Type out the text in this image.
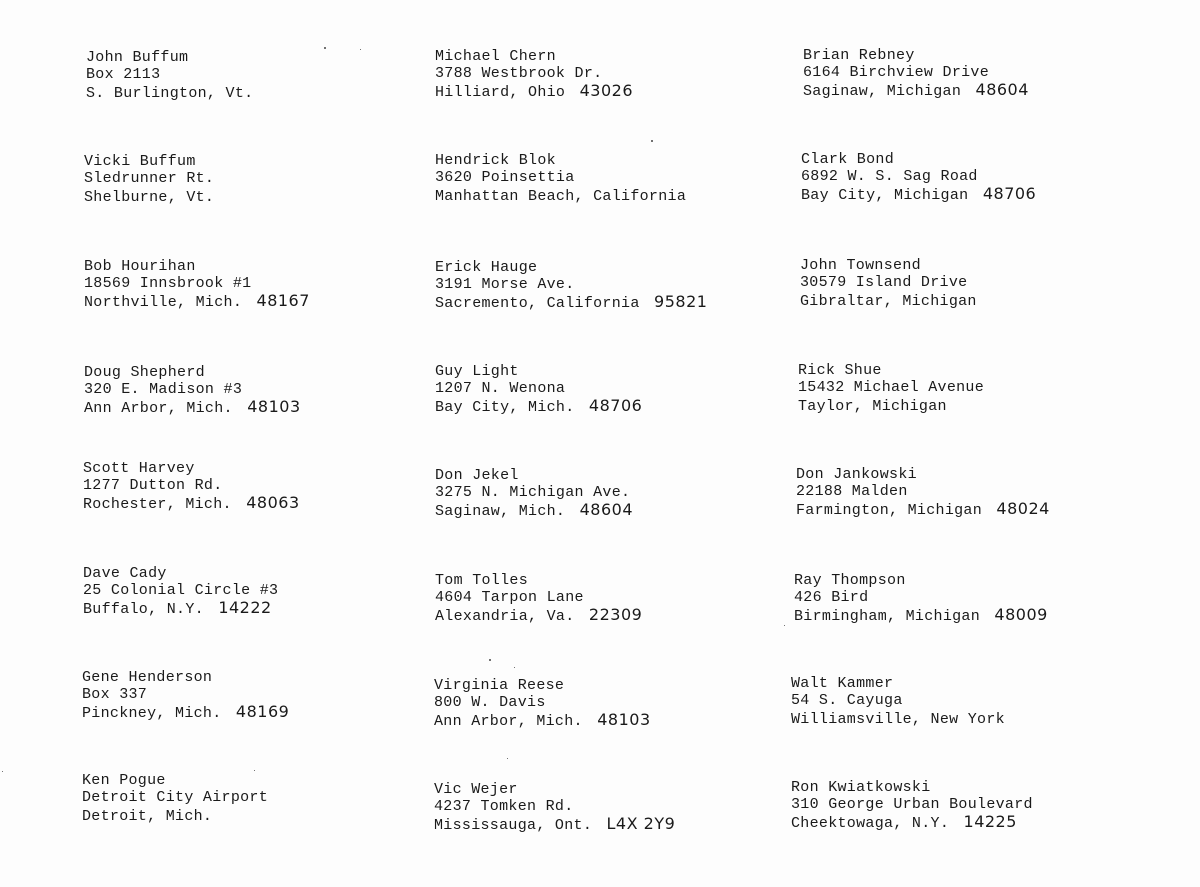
John Buffum
Box 2113
S. Burlington, Vt.
Vicki Buffum
Sledrunner Rt.
Shelburne, Vt.
Bob Hourihan
18569 Innsbrook #1
Northville, Mich. 48167
Doug Shepherd
320 E. Madison #3
Ann Arbor, Mich. 48103
Scott Harvey
1277 Dutton Rd.
Rochester, Mich. 48063
Dave Cady
25 Colonial Circle #3
Buffalo, N.Y. 14222
Gene Henderson
Box 337
Pinckney, Mich. 48169
Ken Pogue
Detroit City Airport
Detroit, Mich.
Michael Chern
3788 Westbrook Dr.
Hilliard, Ohio 43026
Hendrick Blok
3620 Poinsettia
Manhattan Beach, California
Erick Hauge
3191 Morse Ave.
Sacremento, California 95821
Guy Light
1207 N. Wenona
Bay City, Mich. 48706
Don Jekel
3275 N. Michigan Ave.
Saginaw, Mich. 48604
Tom Tolles
4604 Tarpon Lane
Alexandria, Va. 22309
Virginia Reese
800 W. Davis
Ann Arbor, Mich. 48103
Vic Wejer
4237 Tomken Rd.
Mississauga, Ont. L4X 2Y9
Brian Rebney
6164 Birchview Drive
Saginaw, Michigan 48604
Clark Bond
6892 W. S. Sag Road
Bay City, Michigan 48706
John Townsend
30579 Island Drive
Gibraltar, Michigan
Rick Shue
15432 Michael Avenue
Taylor, Michigan
Don Jankowski
22188 Malden
Farmington, Michigan 48024
Ray Thompson
426 Bird
Birmingham, Michigan 48009
Walt Kammer
54 S. Cayuga
Williamsville, New York
Ron Kwiatkowski
310 George Urban Boulevard
Cheektowaga, N.Y. 14225
